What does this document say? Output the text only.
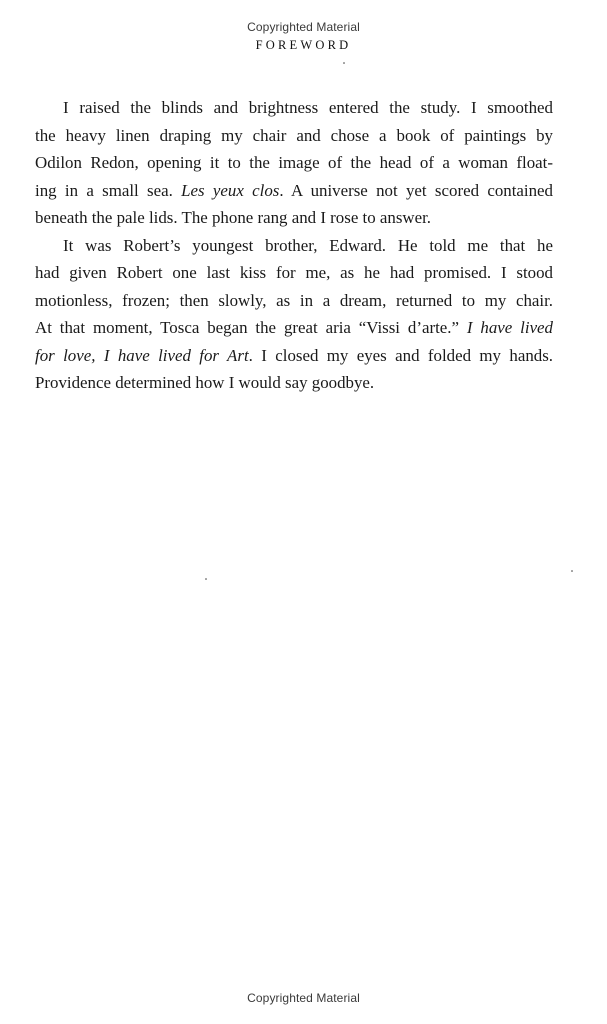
Copyrighted Material
FOREWORD
I raised the blinds and brightness entered the study. I smoothed
the heavy linen draping my chair and chose a book of paintings by
Odilon Redon, opening it to the image of the head of a woman float-
ing in a small sea. Les yeux clos. A universe not yet scored contained
beneath the pale lids. The phone rang and I rose to answer.
It was Robert’s youngest brother, Edward. He told me that he
had given Robert one last kiss for me, as he had promised. I stood
motionless, frozen; then slowly, as in a dream, returned to my chair.
At that moment, Tosca began the great aria “Vissi d’arte.” I have lived
for love, I have lived for Art. I closed my eyes and folded my hands.
Providence determined how I would say goodbye.
Copyrighted Material
